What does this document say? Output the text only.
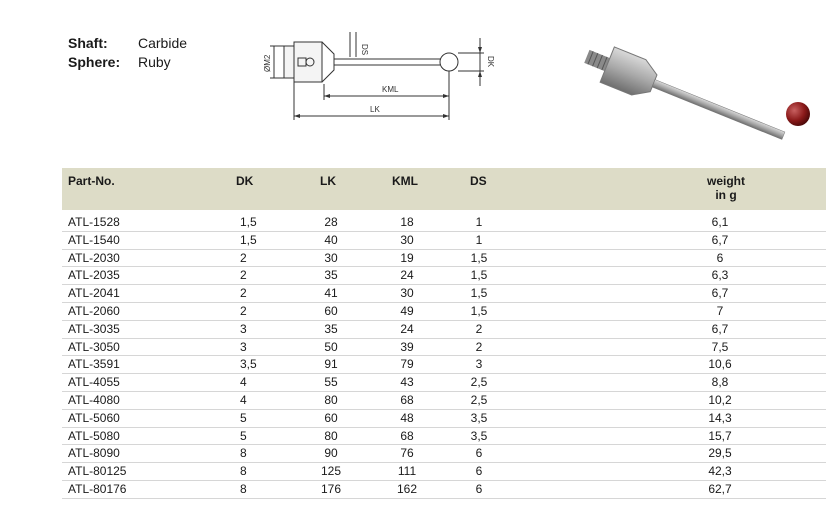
Shaft: Carbide
Sphere: Ruby
DS
ØM2	DK
KML
LK
Part-No.	DK	LK	KML	DS	weight
in g
ATL-1528	1,5	28	18	1	6,1
ATL-1540	1,5	40	30	1	6,7
ATL-2030	2	30	19	1,5	6
ATL-2035	2	35	24	1,5	6,3
ATL-2041	2	41	30	1,5	6,7
ATL-2060	2	60	49	1,5	7
ATL-3035	3	35	24	2	6,7
ATL-3050	3	50	39	2	7,5
ATL-3591	3,5	91	79	3	10,6
ATL-4055	4	55	43	2,5	8,8
ATL-4080	4	80	68	2,5	10,2
ATL-5060	5	60	48	3,5	14,3
ATL-5080	5	80	68	3,5	15,7
ATL-8090	8	90	76	6	29,5
ATL-80125	8	125	111	6	42,3
ATL-80176	8	176	162	6	62,7
